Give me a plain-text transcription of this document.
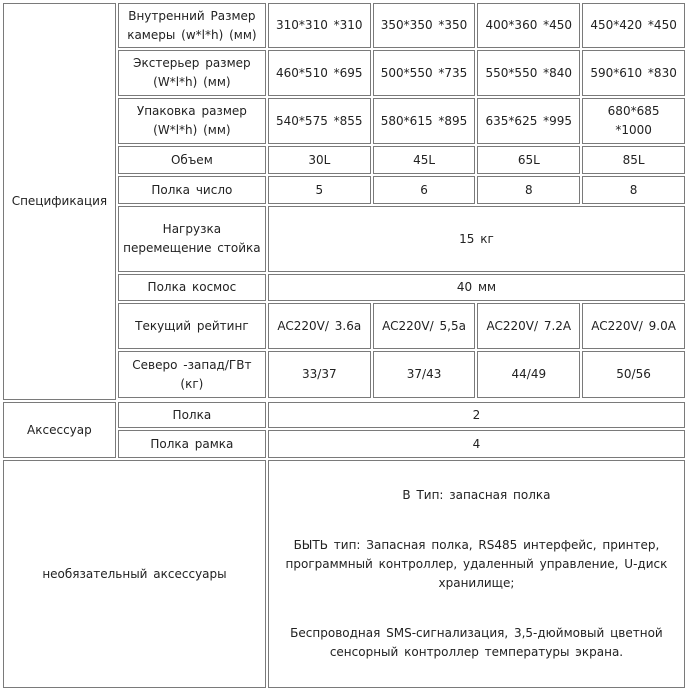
Спецификация	Внутренний Размер камеры (w*l*h) (мм)	310*310 *310	350*350 *350	400*360 *450	450*420 *450
	Экстерьер размер (W*l*h) (мм)	460*510 *695	500*550 *735	550*550 *840	590*610 *830
	Упаковка размер (W*l*h) (мм)	540*575 *855	580*615 *895	635*625 *995	680*685 *1000
	Объем	30L	45L	65L	85L
	Полка число	5	6	8	8
	Нагрузка перемещение стойка	15 кг			
	Полка космос	40 мм			
	Текущий рейтинг	AC220V/ 3.6a	AC220V/ 5,5a	AC220V/ 7.2A	AC220V/ 9.0A
	Северо -запад/ГВт (кг)	33/37	37/43	44/49	50/56

Аксессуар	Полка	2			
	Полка рамка	4			
необязательный аксессуары		В Тип: запасная полка

БЫТЬ тип: Запасная полка, RS485 интерфейс, принтер, программный контроллер, удаленный управление, U-диск хранилище;

Беспроводная SMS-сигнализация, 3,5-дюймовый цветной сенсорный контроллер температуры экрана.			
